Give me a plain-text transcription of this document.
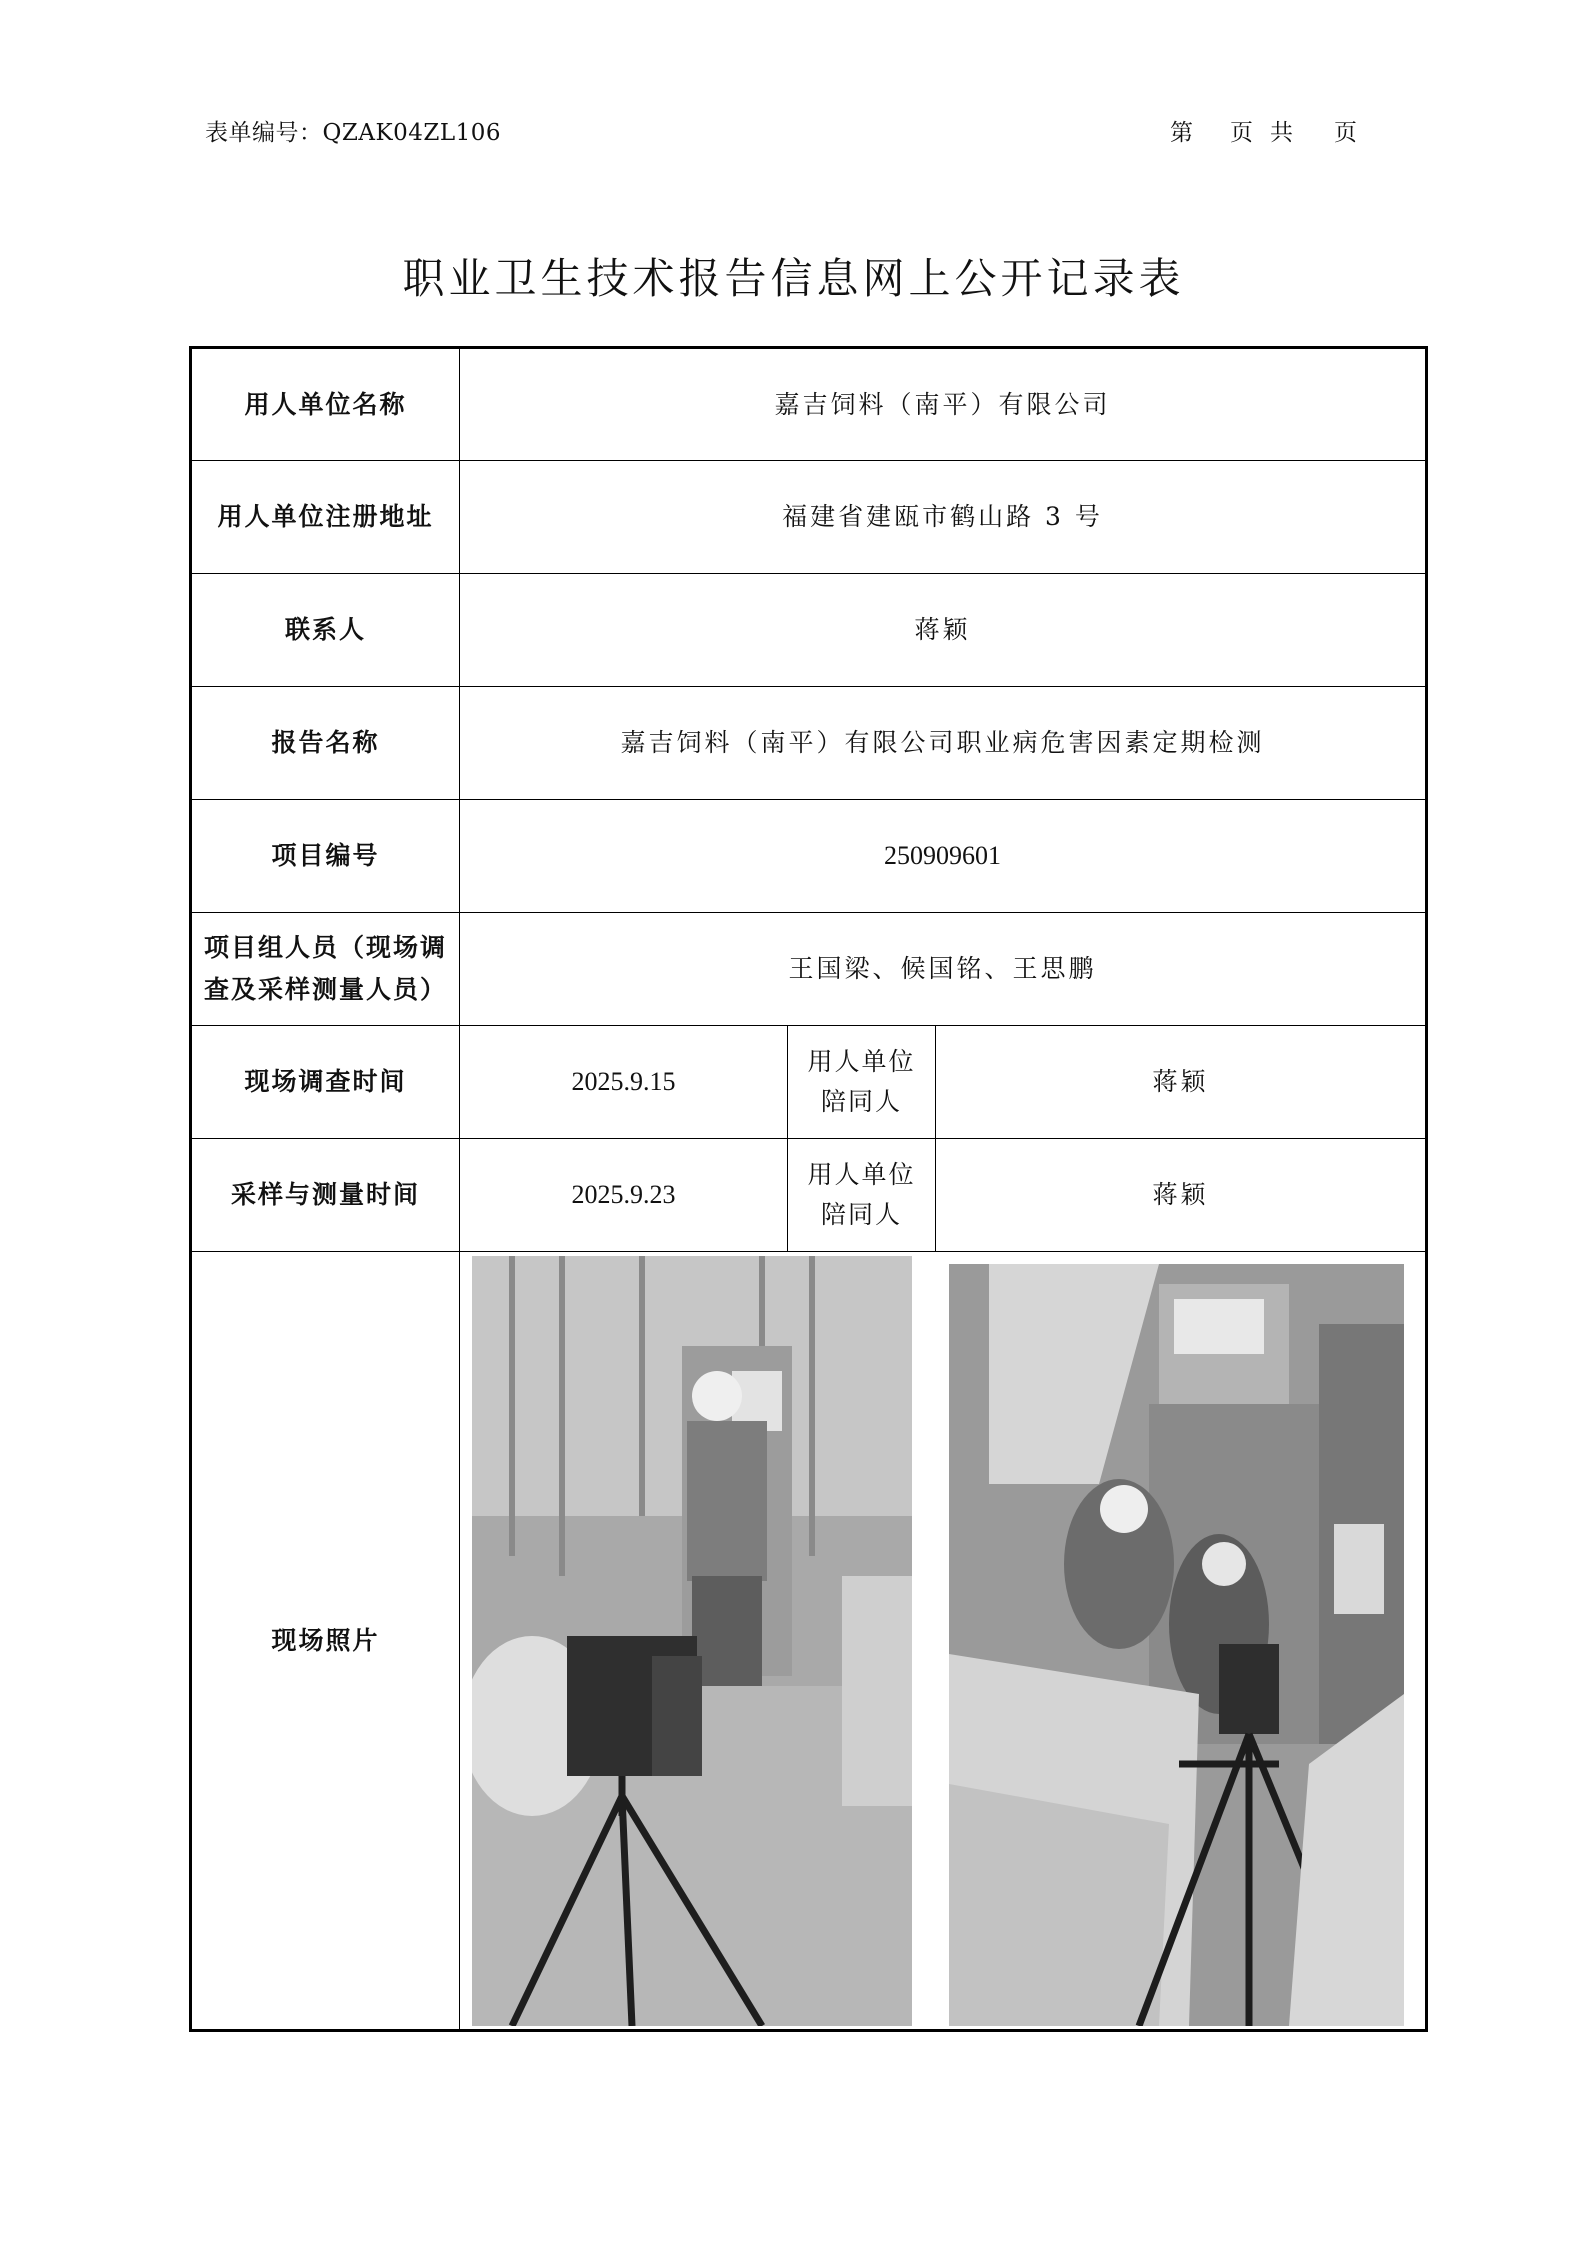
表单编号：QZAK04ZL106	第	页 共	页
职业卫生技术报告信息网上公开记录表
用人单位名称	嘉吉饲料（南平）有限公司		
用人单位注册地址	福建省建瓯市鹤山路 3 号		
联系人	蒋颖		
报告名称	嘉吉饲料（南平）有限公司职业病危害因素定期检测		
项目编号	250909601		
项目组人员（现场调查及采样测量人员）	王国梁、候国铭、王思鹏		
现场调查时间	2025.9.15	用人单位陪同人	蒋颖
采样与测量时间	2025.9.23	用人单位陪同人	蒋颖
现场照片	
